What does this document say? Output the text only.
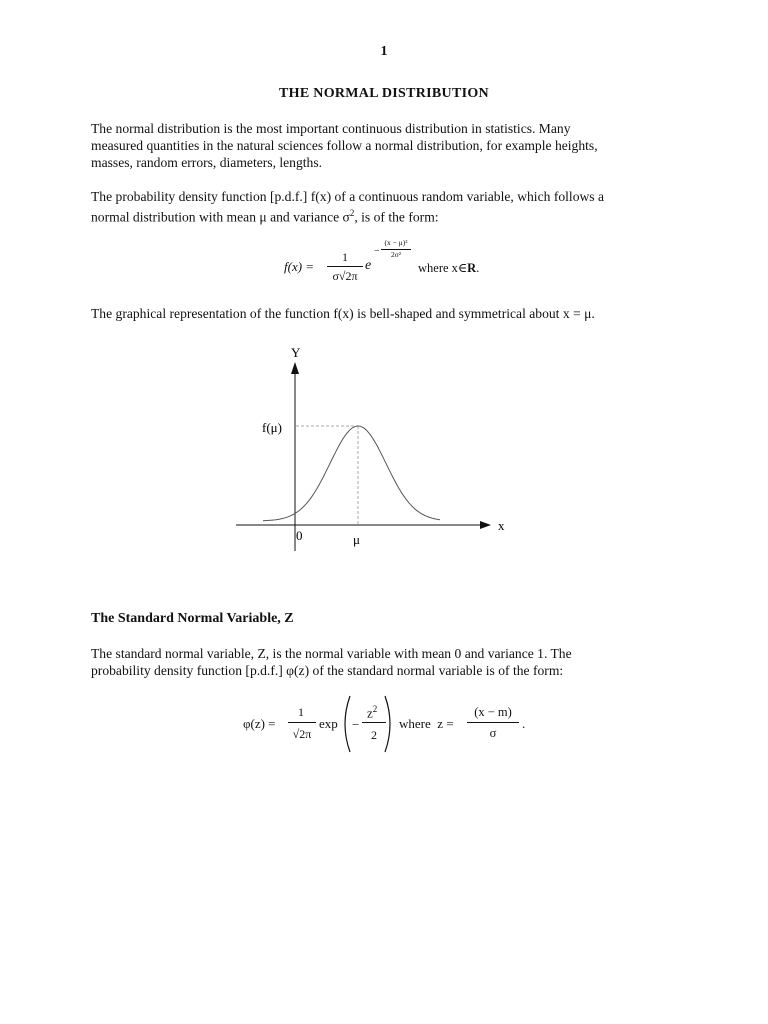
1
THE NORMAL DISTRIBUTION
The normal distribution is the most important continuous distribution in statistics. Many
measured quantities in the natural sciences follow a normal distribution, for example heights,
masses, random errors, diameters, lengths.
The probability density function [p.d.f.] f(x) of a continuous random variable, which follows a
normal distribution with mean μ and variance $\sigma^2$, is of the form:
f(x) =
1
σ√2π
e
−
(x − μ)²
2σ²
where x∈R.
The graphical representation of the function f(x) is bell-shaped and symmetrical about x = μ.
Y
x
f(μ)
0	μ
The Standard Normal Variable, Z
The standard normal variable, Z, is the normal variable with mean 0 and variance 1. The
probability density function [p.d.f.] φ(z) of the standard normal variable is of the form:
φ(z) =
1
√2π
exp −
$z^2$
2
where  z =
(x − m)
σ
.
